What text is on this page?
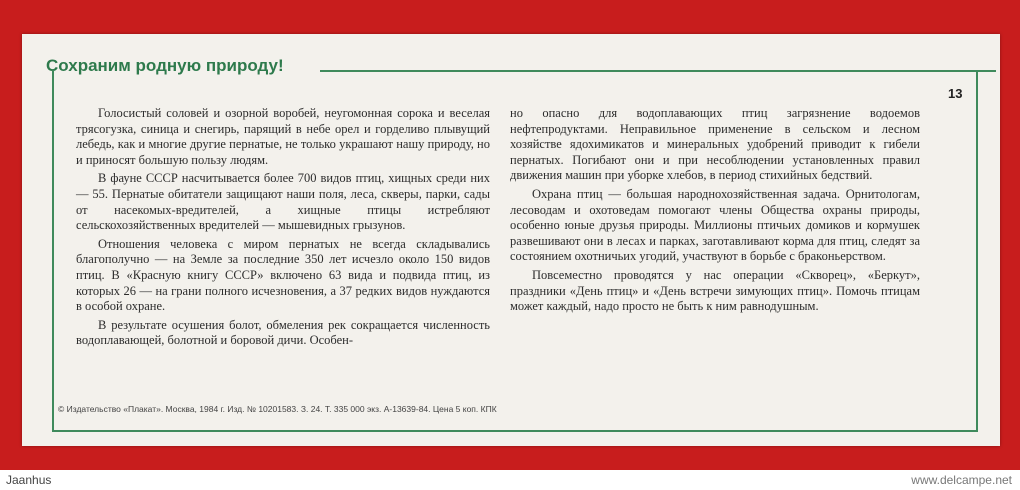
Сохраним родную природу!
13

Голосистый соловей и озорной воробей, неугомонная сорока и веселая трясогузка, синица и снегирь, парящий в небе орел и горделиво плывущий лебедь, как и многие другие пернатые, не только украшают нашу природу, но и приносят большую пользу людям.

В фауне СССР насчитывается более 700 видов птиц, хищных среди них — 55. Пернатые обитатели защищают наши поля, леса, скверы, парки, сады от насекомых-вредителей, а хищные птицы истребляют сельскохозяйственных вредителей — мышевидных грызунов.

Отношения человека с миром пернатых не всегда складывались благополучно — на Земле за последние 350 лет исчезло около 150 видов птиц. В «Красную книгу СССР» включено 63 вида и подвида птиц, из которых 26 — на грани полного исчезновения, а 37 редких видов нуждаются в особой охране.

В результате осушения болот, обмеления рек сокращается численность водоплавающей, болотной и боровой дичи. Особен-

но опасно для водоплавающих птиц загрязнение водоемов нефтепродуктами. Неправильное применение в сельском и лесном хозяйстве ядохимикатов и минеральных удобрений приводит к гибели пернатых. Погибают они и при несоблюдении установленных правил движения машин при уборке хлебов, в период стихийных бедствий.

Охрана птиц — большая народнохозяйственная задача. Орнитологам, лесоводам и охотоведам помогают члены Общества охраны природы, особенно юные друзья природы. Миллионы птичьих домиков и кормушек развешивают они в лесах и парках, заготавливают корма для птиц, следят за состоянием охотничьих угодий, участвуют в борьбе с браконьерством.

Повсеместно проводятся у нас операции «Скворец», «Беркут», праздники «День птиц» и «День встречи зимующих птиц». Помочь птицам может каждый, надо просто не быть к ним равнодушным.

© Издательство «Плакат». Москва, 1984 г. Изд. № 10201583. З. 24. Т. 335 000 экз. А-13639-84. Цена 5 коп. КПК
Jaanhus	www.delcampe.net
